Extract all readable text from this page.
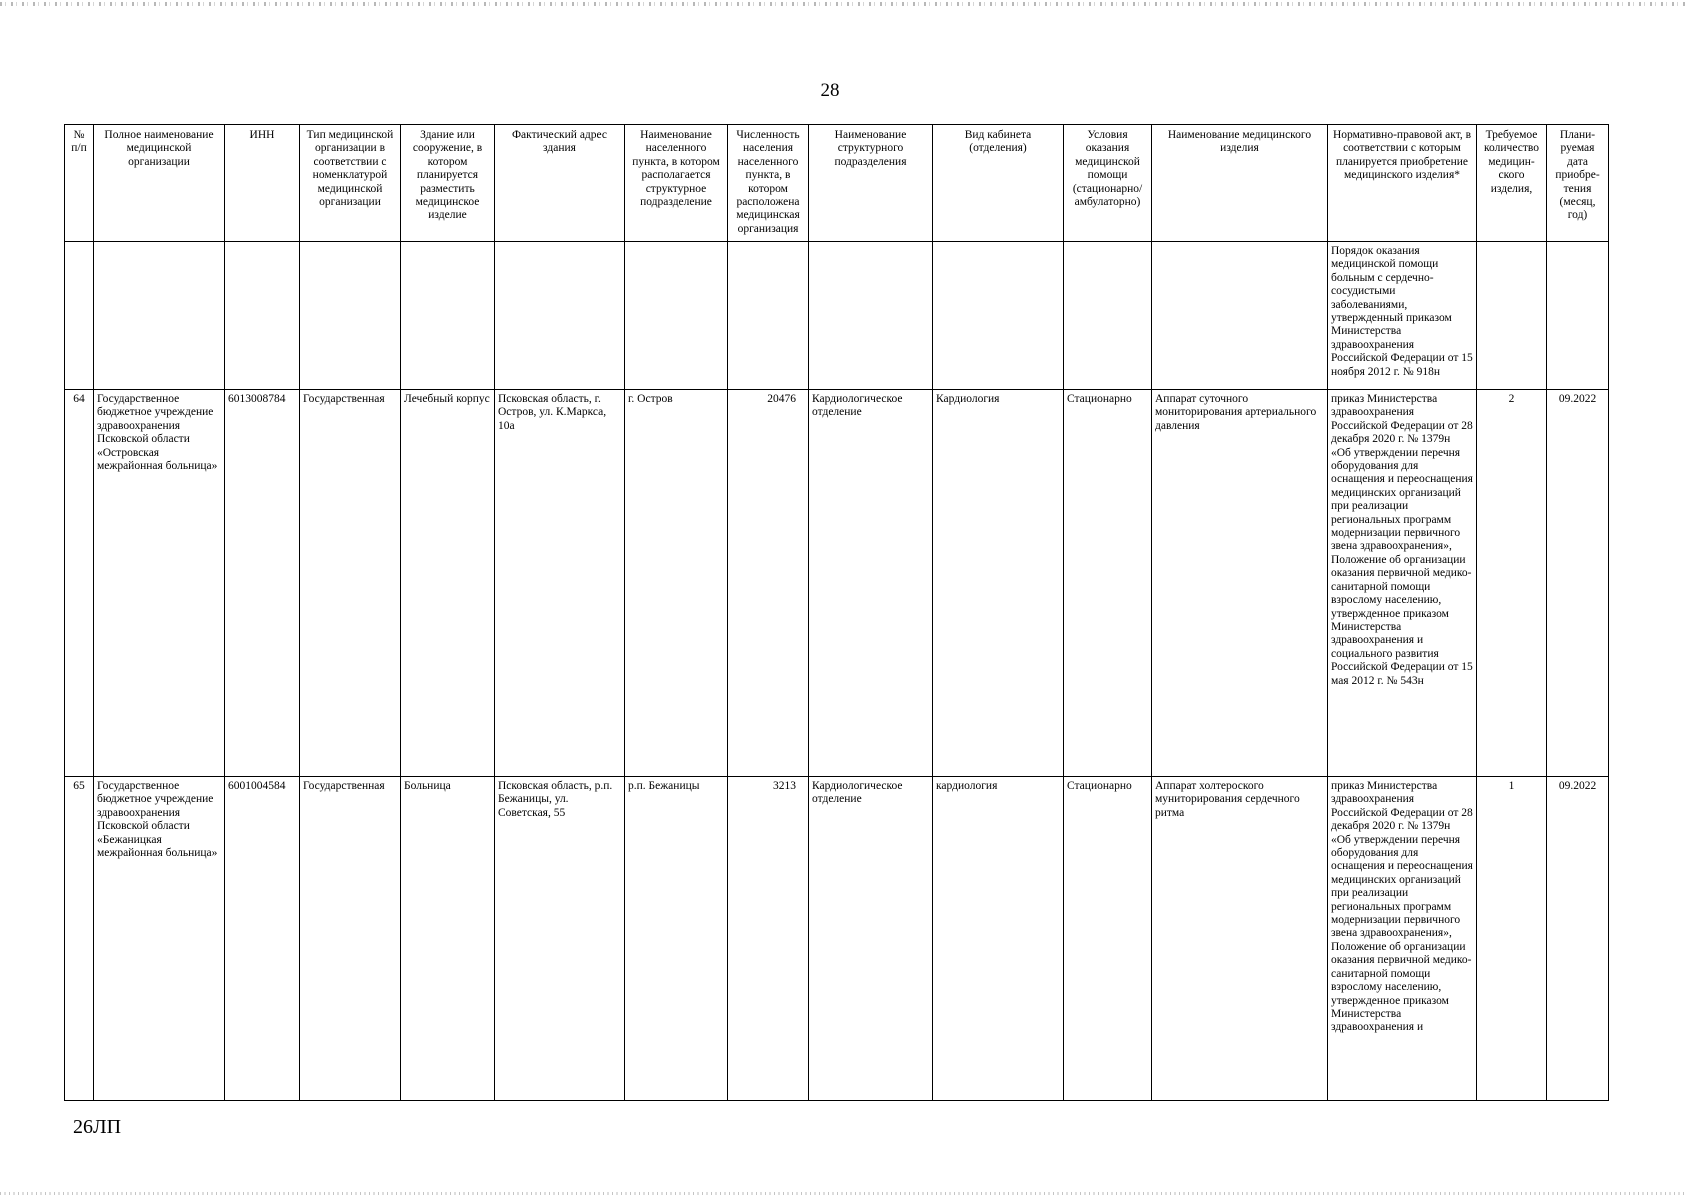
28
№ п/п	Полное наименование медицинской организации	ИНН	Тип медицинской организации в соответствии с номенклатурой медицинской организации	Здание или сооружение, в котором планируется разместить медицинское изделие	Фактический адрес здания	Наименование населенного пункта, в котором располагается структурное подразделение	Численность населения населенного пункта, в котором расположена медицинская организация	Наименование структурного подразделения	Вид кабинета (отделения)	Условия оказания медицинской помощи (стационарно/ амбулаторно)	Наименование медицинского изделия	Нормативно-правовой акт, в соответствии с которым планируется приобретение медицинского изделия*	Требуемое количество медицин-ского изделия,	Плани-руемая дата приобре-тения (месяц, год)
												Порядок оказания медицинской помощи больным с сердечно-сосудистыми заболеваниями, утвержденный приказом Министерства здравоохранения Российской Федерации от 15 ноября 2012 г. № 918н		
64	Государственное бюджетное учреждение здравоохранения Псковской области «Островская межрайонная больница»	6013008784	Государственная	Лечебный корпус	Псковская область, г. Остров, ул. К.Маркса, 10а	г. Остров	20476	Кардиологическое отделение	Кардиология	Стационарно	Аппарат суточного мониторирования артериального давления	приказ Министерства здравоохранения Российской Федерации от 28 декабря 2020 г. № 1379н «Об утверждении перечня оборудования для оснащения и переоснащения медицинских организаций при реализации региональных программ модернизации первичного звена здравоохранения», Положение об организации оказания первичной медико-санитарной помощи взрослому населению, утвержденное приказом Министерства здравоохранения и социального развития Российской Федерации от 15 мая 2012 г. № 543н	2	09.2022
65	Государственное бюджетное учреждение здравоохранения Псковской области «Бежаницкая межрайонная больница»	6001004584	Государственная	Больница	Псковская область, р.п. Бежаницы, ул. Советская, 55	р.п. Бежаницы	3213	Кардиологическое отделение	кардиология	Стационарно	Аппарат холтероского муниторирования сердечного ритма	приказ Министерства здравоохранения Российской Федерации от 28 декабря 2020 г. № 1379н «Об утверждении перечня оборудования для оснащения и переоснащения медицинских организаций при реализации региональных программ модернизации первичного звена здравоохранения», Положение об организации оказания первичной медико-санитарной помощи взрослому населению, утвержденное приказом Министерства здравоохранения и	1	09.2022
26ЛП
